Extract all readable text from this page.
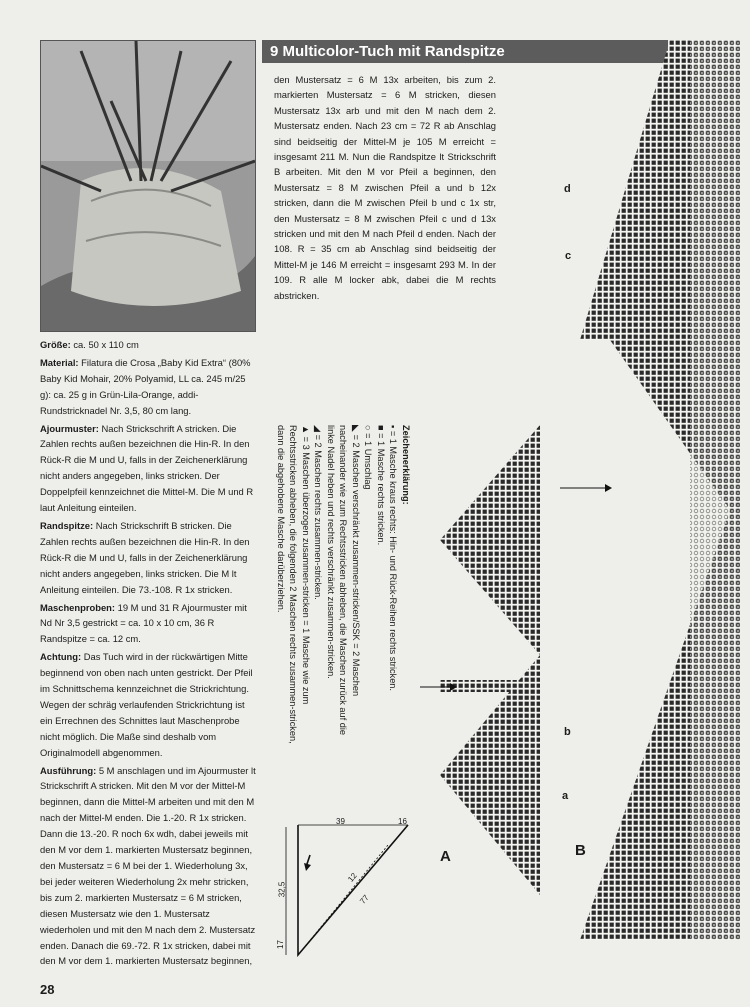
9 Multicolor-Tuch mit Randspitze
den Mustersatz = 6 M 13x arbeiten, bis zum 2. markierten Mustersatz = 6 M stricken, diesen Mustersatz 13x arb und mit den M nach dem 2. Mustersatz enden. Nach 23 cm = 72 R ab Anschlag sind beidseitig der Mittel-M je 105 M erreicht = insgesamt 211 M. Nun die Randspitze lt Strickschrift B arbeiten. Mit den M vor Pfeil a beginnen, den Mustersatz = 8 M zwischen Pfeil a und b 12x stricken, dann die M zwischen Pfeil b und c 1x str, den Mustersatz = 8 M zwischen Pfeil c und d 13x stricken und mit den M nach Pfeil d enden. Nach der 108. R = 35 cm ab Anschlag sind beidseitig der Mittel-M je 146 M erreicht = insgesamt 293 M. In der 109. R alle M locker abk, dabei die M rechts abstricken.

Größe: ca. 50 x 110 cm

Material: Filatura die Crosa „Baby Kid Extra“ (80% Baby Kid Mohair, 20% Polyamid, LL ca. 245 m/25 g): ca. 25 g in Grün-Lila-Orange, addi-Rundstricknadel Nr. 3,5, 80 cm lang.

Ajourmuster: Nach Strickschrift A stricken. Die Zahlen rechts außen bezeichnen die Hin-R. In den Rück-R die M und U, falls in der Zeichenerklärung nicht anders angegeben, links stricken. Der Doppelpfeil kennzeichnet die Mittel-M. Die M und R laut Anleitung einteilen.

Randspitze: Nach Strickschrift B stricken. Die Zahlen rechts außen bezeichnen die Hin-R. In den Rück-R die M und U, falls in der Zeichenerklärung nicht anders angegeben, links stricken. Die M lt Anleitung einteilen. Die 73.-108. R 1x stricken.

Maschenproben: 19 M und 31 R Ajourmuster mit Nd Nr 3,5 gestrickt = ca. 10 x 10 cm, 36 R Randspitze = ca. 12 cm.

Achtung: Das Tuch wird in der rückwärtigen Mitte beginnend von oben nach unten gestrickt. Der Pfeil im Schnittschema kennzeichnet die Strickrichtung. Wegen der schräg verlaufenden Strickrichtung ist ein Errechnen des Schnittes laut Maschenprobe nicht möglich. Die Maße sind deshalb vom Originalmodell abgenommen.

Ausführung: 5 M anschlagen und im Ajourmuster lt Strickschrift A stricken. Mit den M vor der Mittel-M beginnen, dann die Mittel-M arbeiten und mit den M nach der Mittel-M enden. Die 1.-20. R 1x stricken. Dann die 13.-20. R noch 6x wdh, dabei jeweils mit den M vor dem 1. markierten Mustersatz beginnen, den Mustersatz = 6 M bei der 1. Wiederholung 3x, bei jeder weiteren Wiederholung 2x mehr stricken, bis zum 2. markierten Mustersatz = 6 M stricken, diesen Mustersatz wie den 1. Mustersatz wiederholen und mit den M nach dem 2. Mustersatz enden. Danach die 69.-72. R 1x stricken, dabei mit den M vor dem 1. markierten Mustersatz beginnen,

Zeichenerklärung:
▪ = 1 Masche kraus rechts: Hin- und Rück-Reihen rechts stricken.
■ = 1 Masche rechts stricken.
○ = 1 Umschlag
◣ = 2 Maschen verschränkt zusammen-stricken/SSK = 2 Maschen nacheinander wie zum Rechtsstricken abheben, die Maschen zurück auf die linke Nadel heben und rechts verschränkt zusammen-stricken.
◢ = 2 Maschen rechts zusammen-stricken.
▲ = 3 Maschen überzogen zusammen-stricken = 1 Masche wie zum Rechtsstricken abheben, die folgenden 2 Maschen rechts zusammen-stricken, dann die abgehobene Masche darüberziehen.
d
c
b
a
A	B
39	16
32,5
17
12
77
28
